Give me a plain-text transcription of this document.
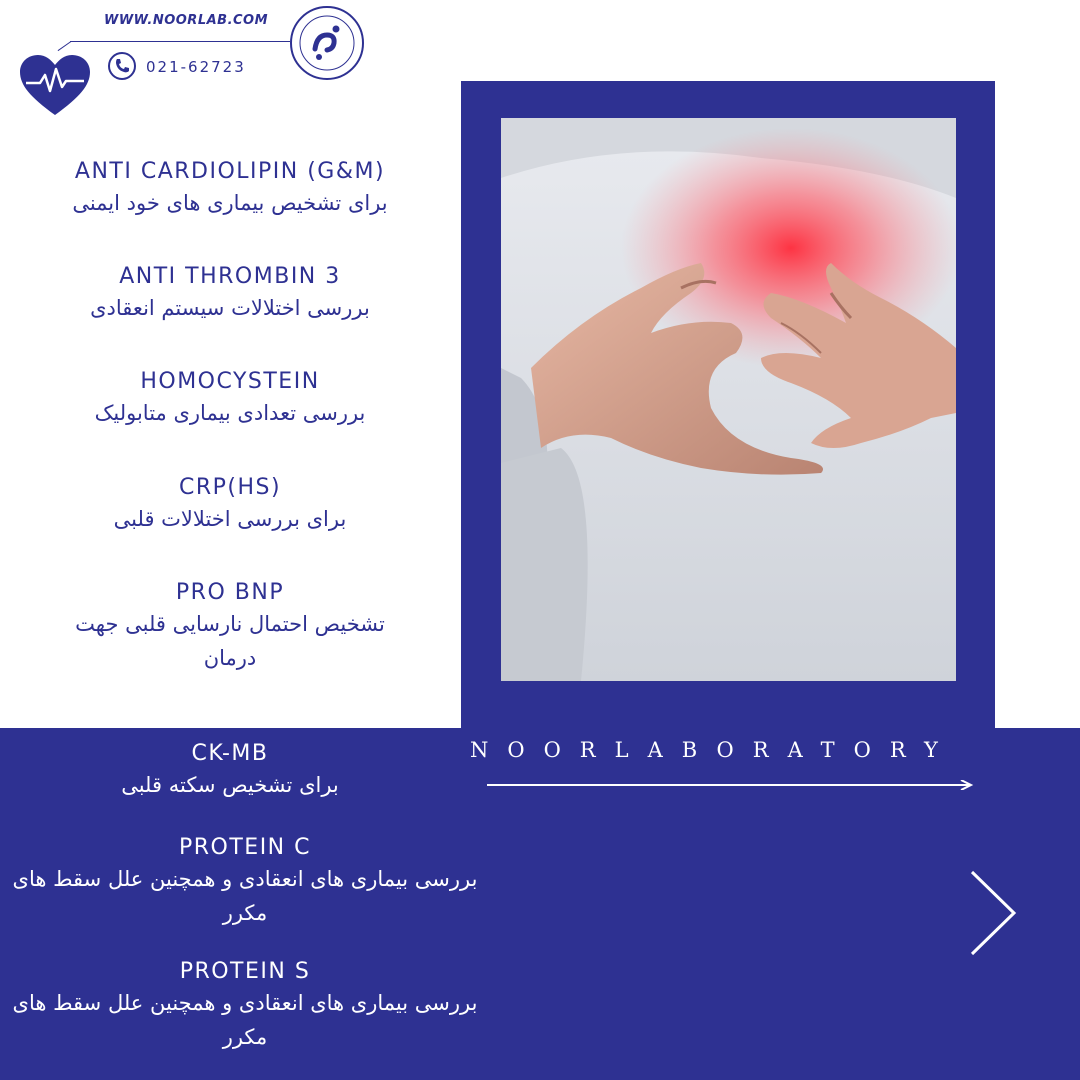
WWW.NOORLAB.COM
021-62723
ANTI CARDIOLIPIN (G&M)
برای تشخیص بیماری های خود ایمنی
ANTI THROMBIN 3
بررسی اختلالات سیستم انعقادی
HOMOCYSTEIN
بررسی تعدادی بیماری متابولیک
CRP(HS)
برای بررسی اختلالات قلبی
PRO BNP
تشخیص احتمال نارسایی قلبی جهت درمان
CK-MB
برای تشخیص سکته قلبی
PROTEIN C
بررسی بیماری های انعقادی و همچنین علل سقط های مکرر
PROTEIN S
بررسی بیماری های انعقادی و همچنین علل سقط های مکرر
NOORLABORATORY
